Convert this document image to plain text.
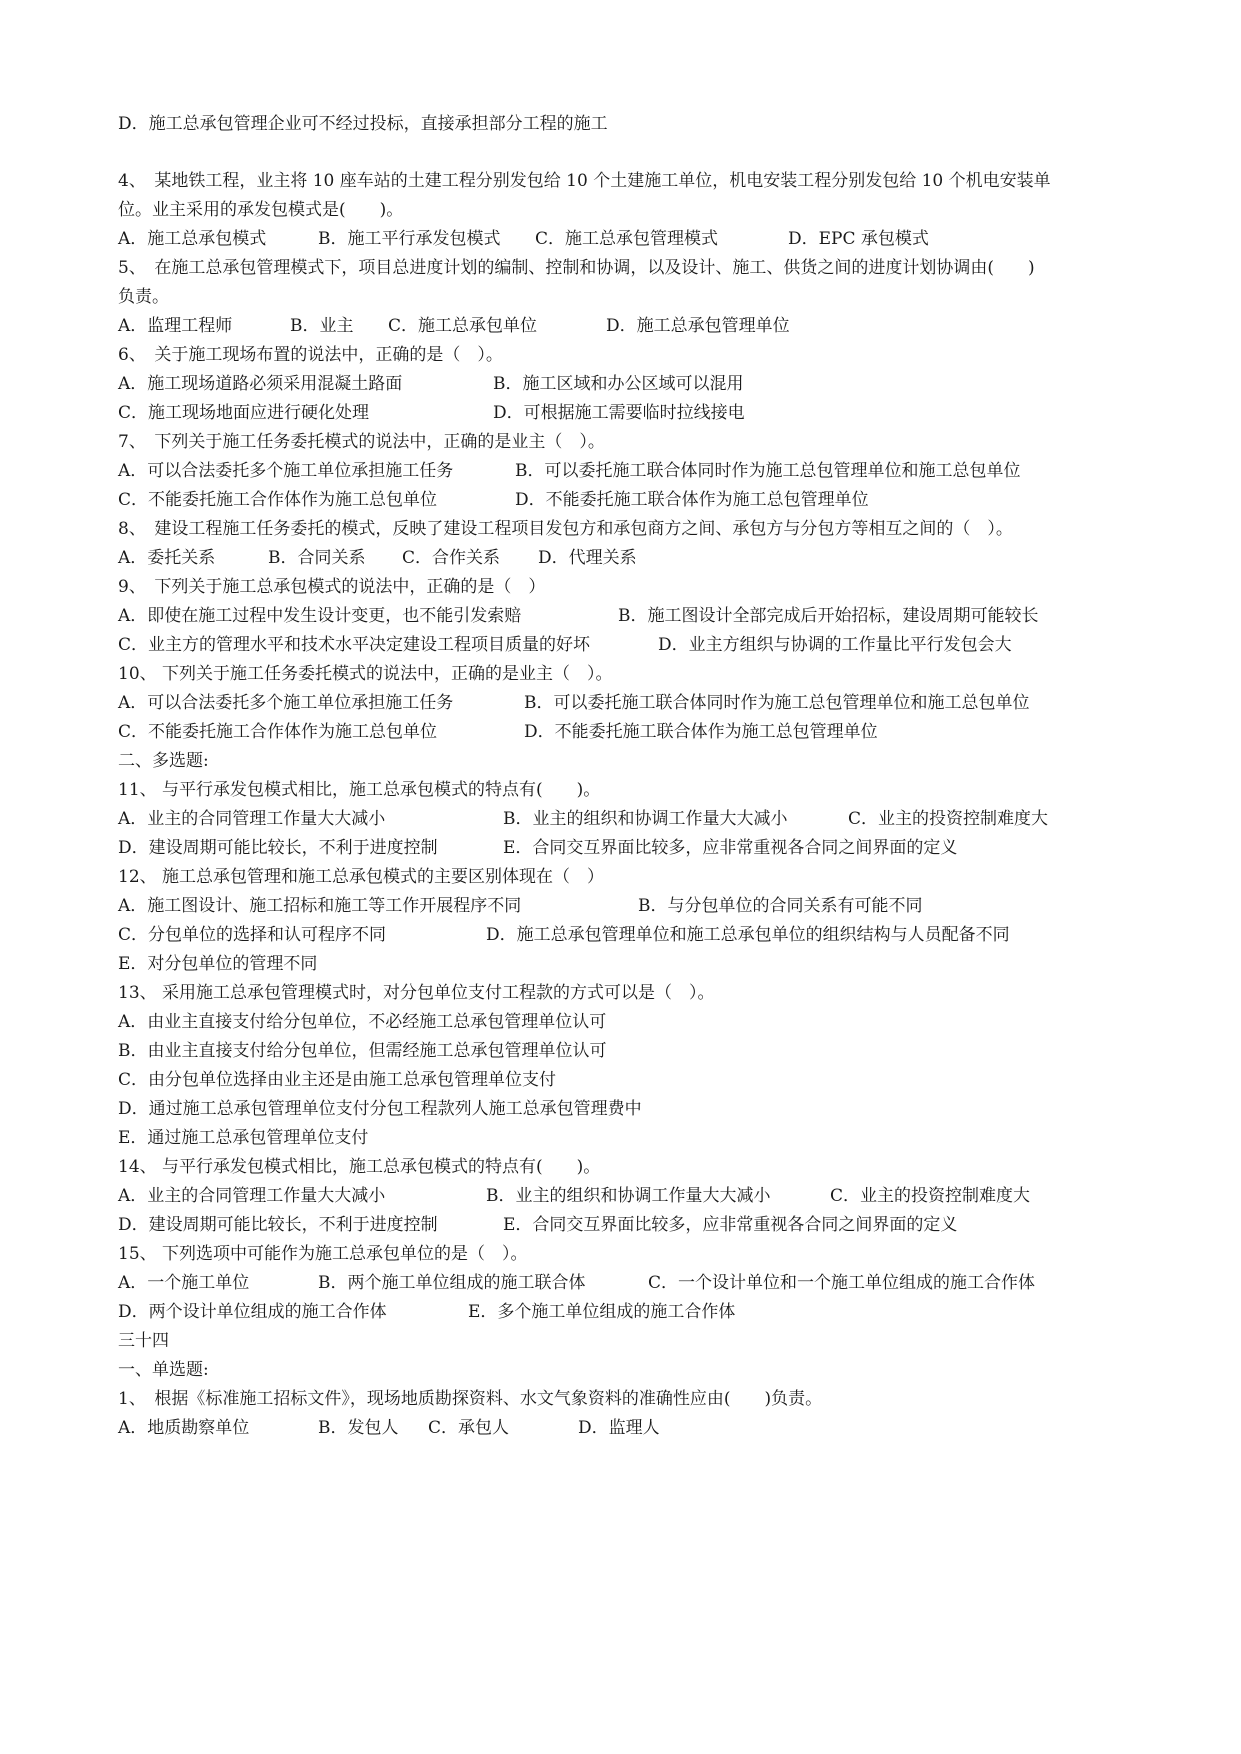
D．施工总承包管理企业可不经过投标，直接承担部分工程的施工
4、　某地铁工程，业主将 10 座车站的土建工程分别发包给 10 个土建施工单位，机电安装工程分别发包给 10 个机电安装单
位。业主采用的承发包模式是(　　)。
A．施工总承包模式	B．施工平行承发包模式 C．施工总承包管理模式	D．EPC 承包模式
5、　在施工总承包管理模式下，项目总进度计划的编制、控制和协调，以及设计、施工、供货之间的进度计划协调由(　　)
负责。
A．监理工程师	B．业主 C．施工总承包单位	D．施工总承包管理单位
6、　关于施工现场布置的说法中，正确的是（　）。
A．施工现场道路必须采用混凝土路面	B．施工区域和办公区域可以混用
C．施工现场地面应进行硬化处理	D．可根据施工需要临时拉线接电
7、　下列关于施工任务委托模式的说法中，正确的是业主（　）。
A．可以合法委托多个施工单位承担施工任务	B．可以委托施工联合体同时作为施工总包管理单位和施工总包单位
C．不能委托施工合作体作为施工总包单位	D．不能委托施工联合体作为施工总包管理单位
8、　建设工程施工任务委托的模式，反映了建设工程项目发包方和承包商方之间、承包方与分包方等相互之间的（　）。
A．委托关系	B．合同关系 C．合作关系 D．代理关系
9、　下列关于施工总承包模式的说法中，正确的是（　）
A．即使在施工过程中发生设计变更，也不能引发索赔	B．施工图设计全部完成后开始招标，建设周期可能较长
C．业主方的管理水平和技术水平决定建设工程项目质量的好坏	D．业主方组织与协调的工作量比平行发包会大
10、 下列关于施工任务委托模式的说法中，正确的是业主（　）。
A．可以合法委托多个施工单位承担施工任务	B．可以委托施工联合体同时作为施工总包管理单位和施工总包单位
C．不能委托施工合作体作为施工总包单位	D．不能委托施工联合体作为施工总包管理单位
二、多选题:
11、 与平行承发包模式相比，施工总承包模式的特点有(　　)。
A．业主的合同管理工作量大大减小	B．业主的组织和协调工作量大大减小	C．业主的投资控制难度大
D．建设周期可能比较长，不利于进度控制	E．合同交互界面比较多，应非常重视各合同之间界面的定义
12、 施工总承包管理和施工总承包模式的主要区别体现在（　）
A．施工图设计、施工招标和施工等工作开展程序不同	B．与分包单位的合同关系有可能不同
C．分包单位的选择和认可程序不同	D．施工总承包管理单位和施工总承包单位的组织结构与人员配备不同
E．对分包单位的管理不同
13、 采用施工总承包管理模式时，对分包单位支付工程款的方式可以是（　）。
A．由业主直接支付给分包单位，不必经施工总承包管理单位认可
B．由业主直接支付给分包单位，但需经施工总承包管理单位认可
C．由分包单位选择由业主还是由施工总承包管理单位支付
D．通过施工总承包管理单位支付分包工程款列人施工总承包管理费中
E．通过施工总承包管理单位支付
14、 与平行承发包模式相比，施工总承包模式的特点有(　　)。
A．业主的合同管理工作量大大减小	B．业主的组织和协调工作量大大减小	C．业主的投资控制难度大
D．建设周期可能比较长，不利于进度控制	E．合同交互界面比较多，应非常重视各合同之间界面的定义
15、 下列选项中可能作为施工总承包单位的是（　）。
A．一个施工单位	B．两个施工单位组成的施工联合体	C．一个设计单位和一个施工单位组成的施工合作体
D．两个设计单位组成的施工合作体	E．多个施工单位组成的施工合作体
三十四
一、单选题:
1、　根据《标准施工招标文件》，现场地质勘探资料、水文气象资料的准确性应由(　　)负责。
A．地质勘察单位	B．发包人 C．承包人	D．监理人
